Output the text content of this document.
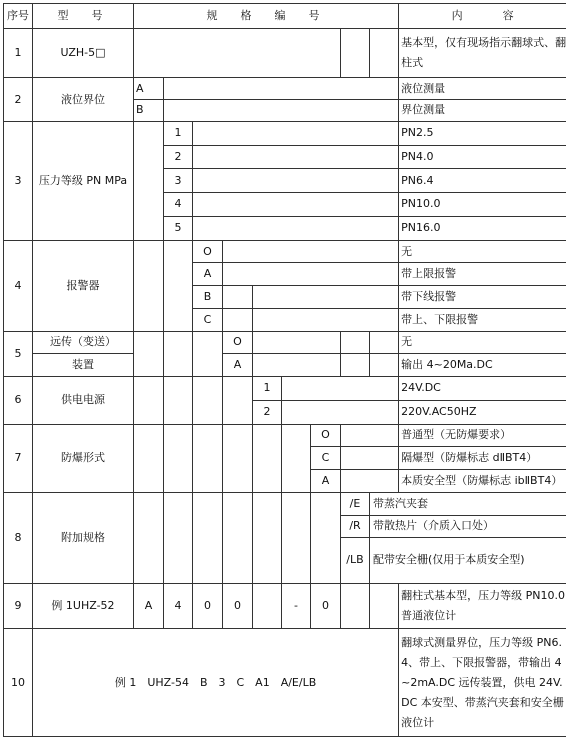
序号	型　号	规　格　编　号									内　　容
1	UZH-5□										基本型，仅有现场指示翻球式、翻柱式
2	液位界位	A									液位测量
		B									界位测量
3	压力等级 PN MPa		1								PN2.5
			2								PN4.0
			3								PN6.4
			4								PN10.0
			5								PN16.0
4	报警器			O							无
				A							带上限报警
				B							带下线报警
				C							带上、下限报警
5	远传（变送）				O						无
	装置				A						输出 4~20Ma.DC
6	供电电源					1					24V.DC
						2					220V.AC50HZ
7	防爆形式							O			普通型（无防爆要求）
								C			隔爆型（防爆标志 dⅡBT4）
								A			本质安全型（防爆标志 ibⅡBT4）
8	附加规格								/E	带蒸汽夹套	
									/R	带散热片（介质入口处）	
									/LB	配带安全栅(仅用于本质安全型)	
9	例 1UHZ-52	A	4	0	0		-	0			翻柱式基本型，压力等级 PN10.0 普通液位计
10	例 1　UHZ-54　B　3　C　A1　A/E/LB										翻球式测量界位，压力等级 PN6.4、带上、下限报警器，带输出 4~2mA.DC 远传装置，供电 24V.DC 本安型、带蒸汽夹套和安全栅液位计
